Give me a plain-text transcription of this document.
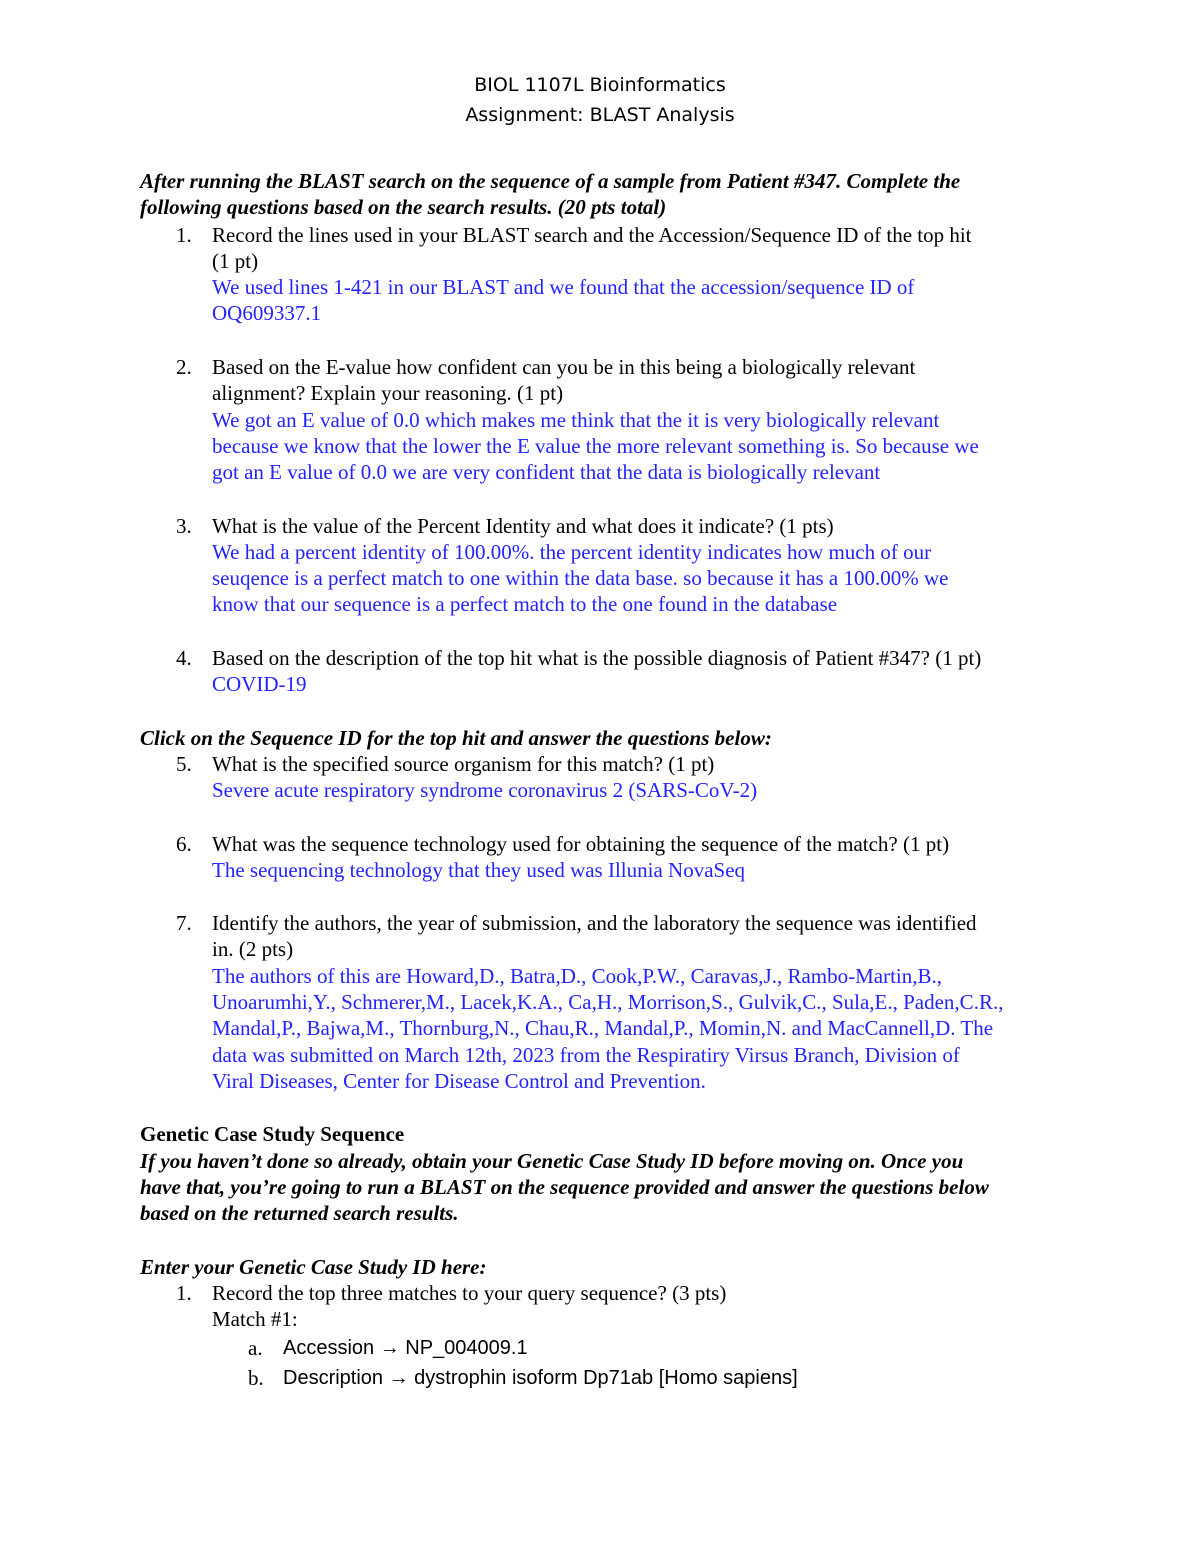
BIOL 1107L Bioinformatics
Assignment: BLAST Analysis
After running the BLAST search on the sequence of a sample from Patient #347. Complete the
following questions based on the search results. (20 pts total)
1. Record the lines used in your BLAST search and the Accession/Sequence ID of the top hit
(1 pt)
We used lines 1-421 in our BLAST and we found that the accession/sequence ID of
OQ609337.1
2. Based on the E-value how confident can you be in this being a biologically relevant
alignment? Explain your reasoning. (1 pt)
We got an E value of 0.0 which makes me think that the it is very biologically relevant
because we know that the lower the E value the more relevant something is. So because we
got an E value of 0.0 we are very confident that the data is biologically relevant
3. What is the value of the Percent Identity and what does it indicate? (1 pts)
We had a percent identity of 100.00%. the percent identity indicates how much of our
seuqence is a perfect match to one within the data base. so because it has a 100.00% we
know that our sequence is a perfect match to the one found in the database
4. Based on the description of the top hit what is the possible diagnosis of Patient #347? (1 pt)
COVID-19
Click on the Sequence ID for the top hit and answer the questions below:
5. What is the specified source organism for this match? (1 pt)
Severe acute respiratory syndrome coronavirus 2 (SARS-CoV-2)
6. What was the sequence technology used for obtaining the sequence of the match? (1 pt)
The sequencing technology that they used was Illunia NovaSeq
7. Identify the authors, the year of submission, and the laboratory the sequence was identified
in. (2 pts)
The authors of this are Howard,D., Batra,D., Cook,P.W., Caravas,J., Rambo-Martin,B.,
Unoarumhi,Y., Schmerer,M., Lacek,K.A., Ca,H., Morrison,S., Gulvik,C., Sula,E., Paden,C.R.,
Mandal,P., Bajwa,M., Thornburg,N., Chau,R., Mandal,P., Momin,N. and MacCannell,D. The
data was submitted on March 12th, 2023 from the Respiratiry Virsus Branch, Division of
Viral Diseases, Center for Disease Control and Prevention.
Genetic Case Study Sequence
If you haven’t done so already, obtain your Genetic Case Study ID before moving on. Once you
have that, you’re going to run a BLAST on the sequence provided and answer the questions below
based on the returned search results.
Enter your Genetic Case Study ID here:
1. Record the top three matches to your query sequence? (3 pts)
Match #1:
a. Accession → NP_004009.1
b. Description → dystrophin isoform Dp71ab [Homo sapiens]
